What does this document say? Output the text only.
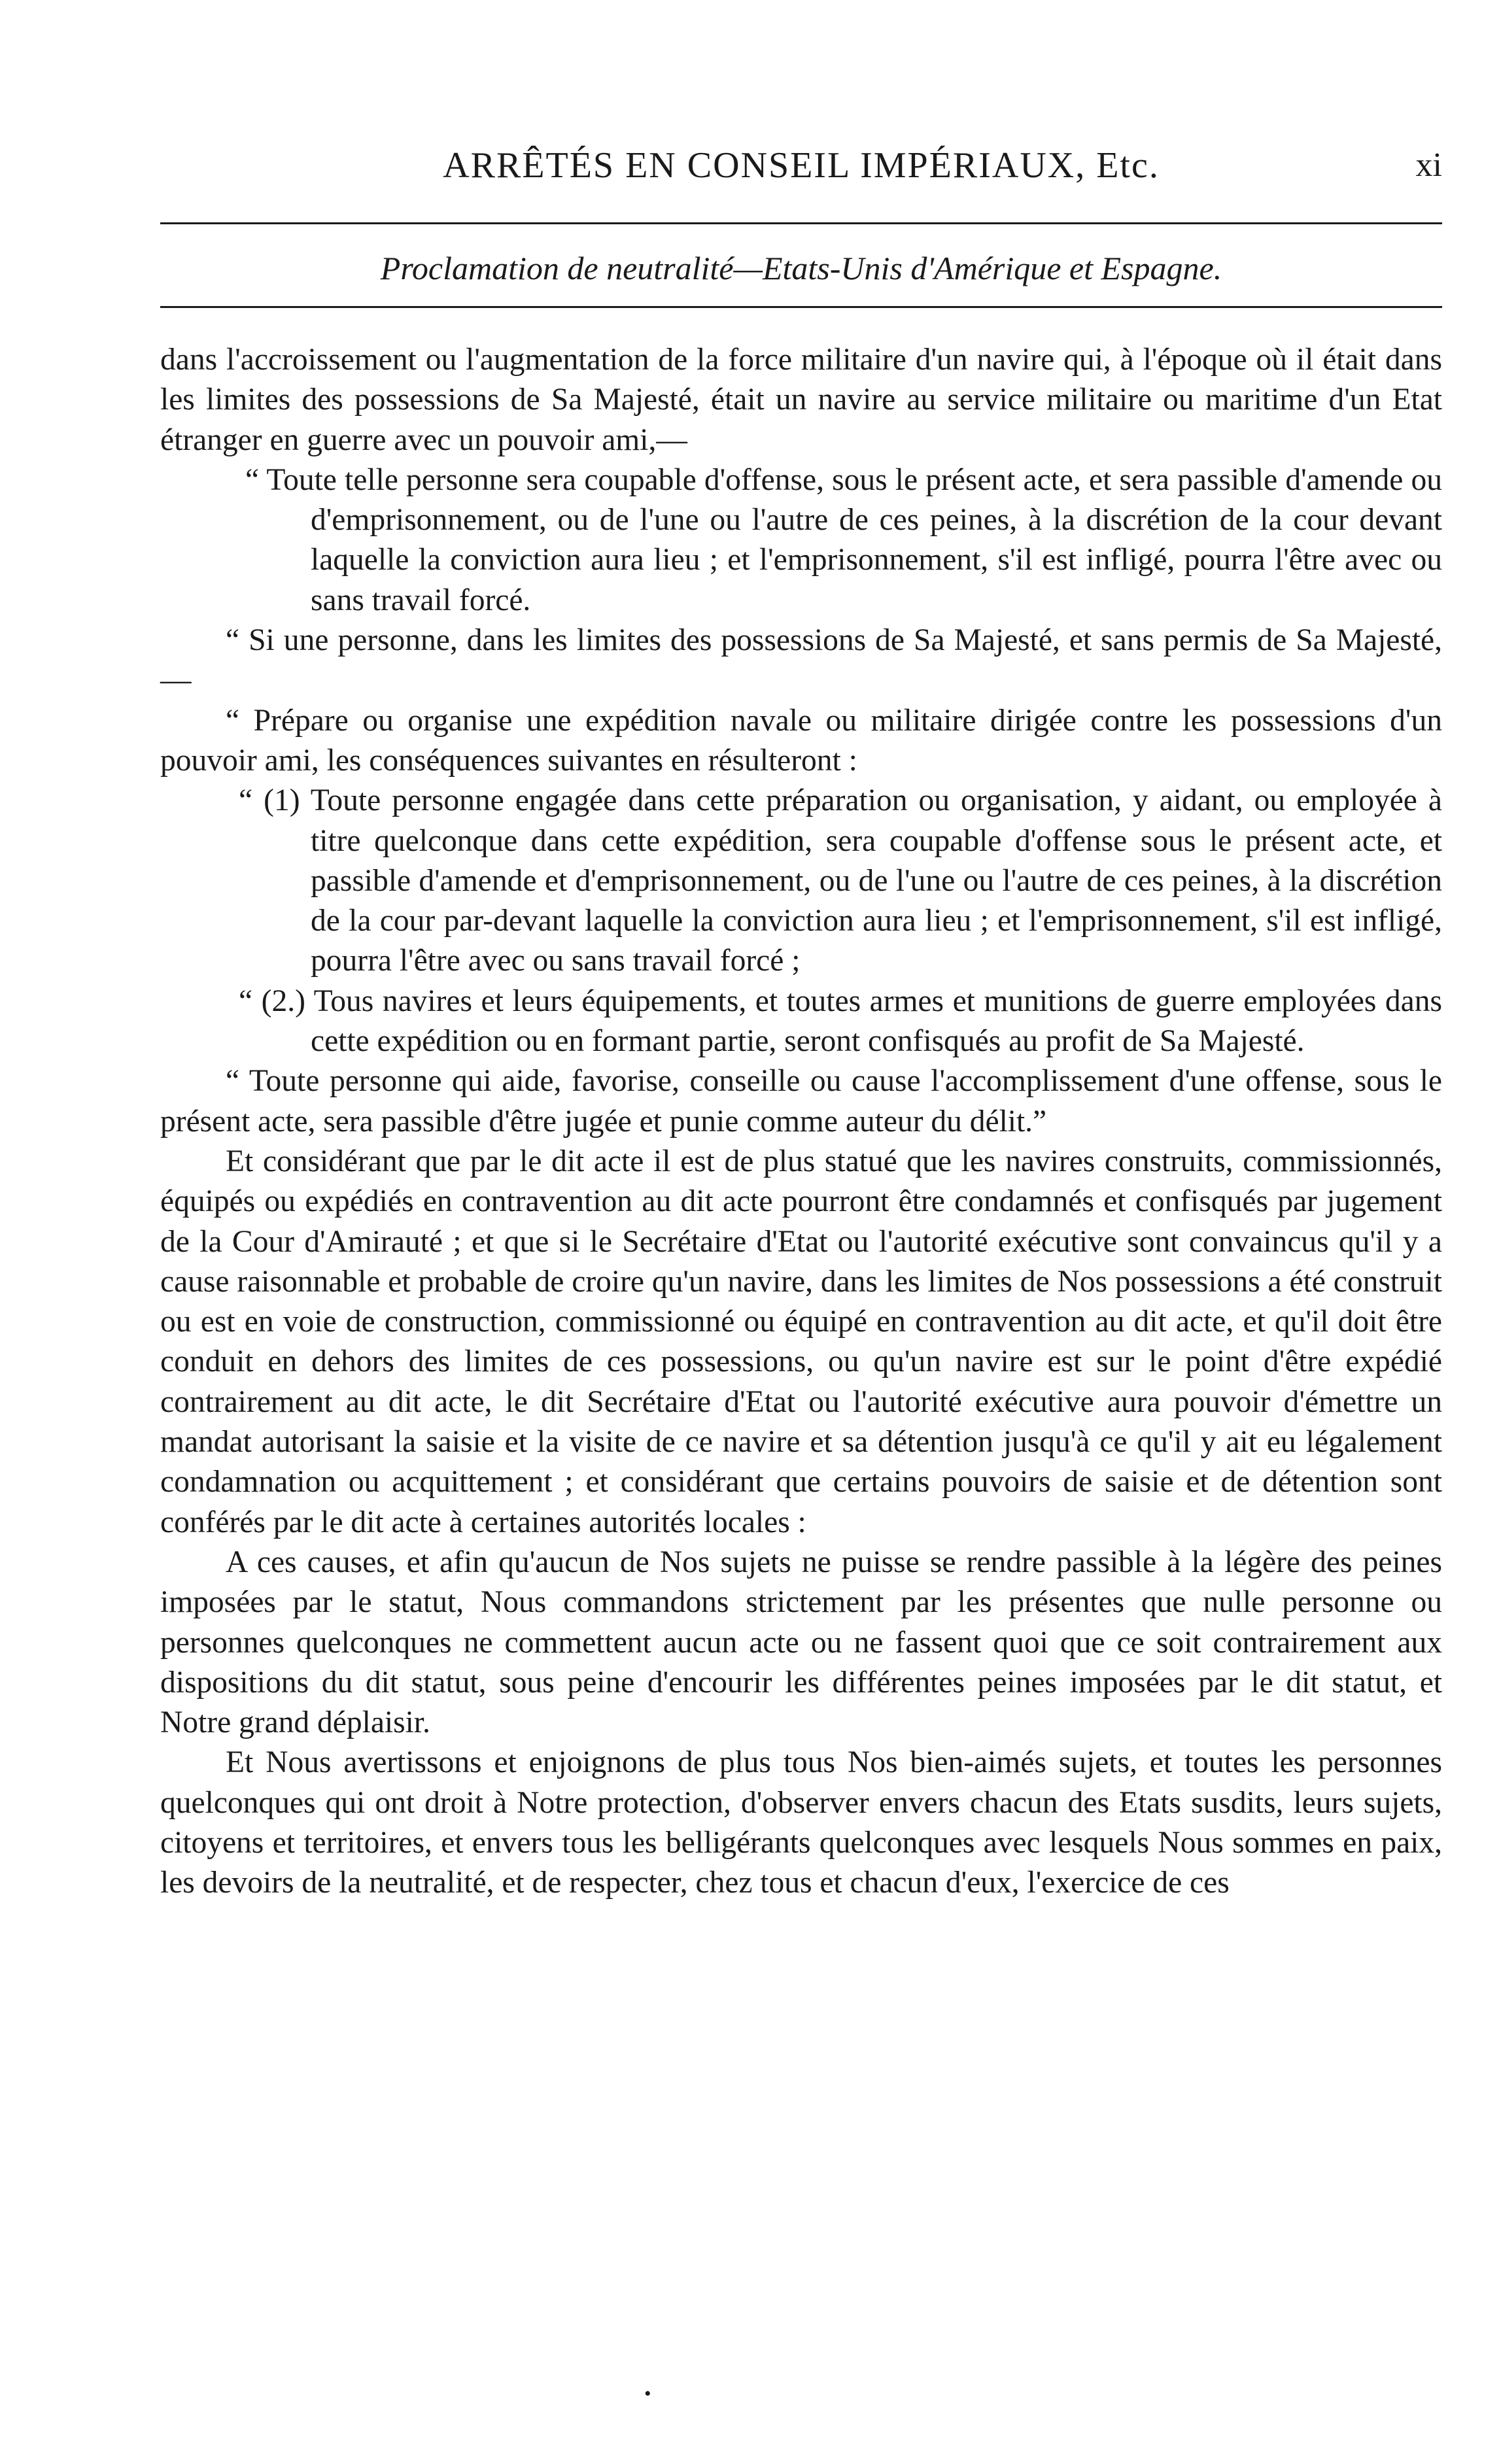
ARRÊTÉS EN CONSEIL IMPÉRIAUX, Etc.	xi
Proclamation de neutralité—Etats-Unis d'Amérique et Espagne.

dans l'accroissement ou l'augmentation de la force militaire d'un navire qui, à l'époque où il était dans les limites des possessions de Sa Majesté, était un navire au service militaire ou maritime d'un Etat étranger en guerre avec un pouvoir ami,—

“ Toute telle personne sera coupable d'offense, sous le présent acte, et sera passible d'amende ou d'emprisonnement, ou de l'une ou l'autre de ces peines, à la discrétion de la cour devant laquelle la conviction aura lieu ; et l'emprisonnement, s'il est infligé, pourra l'être avec ou sans travail forcé.

“ Si une personne, dans les limites des possessions de Sa Majesté, et sans permis de Sa Majesté,—

“ Prépare ou organise une expédition navale ou militaire dirigée contre les possessions d'un pouvoir ami, les conséquences suivantes en résulteront :

“ (1) Toute personne engagée dans cette préparation ou organisation, y aidant, ou employée à titre quelconque dans cette expédition, sera coupable d'offense sous le présent acte, et passible d'amende et d'emprisonnement, ou de l'une ou l'autre de ces peines, à la discrétion de la cour par-devant laquelle la conviction aura lieu ; et l'emprisonnement, s'il est infligé, pourra l'être avec ou sans travail forcé ;

“ (2.) Tous navires et leurs équipements, et toutes armes et munitions de guerre employées dans cette expédition ou en formant partie, seront confisqués au profit de Sa Majesté.

“ Toute personne qui aide, favorise, conseille ou cause l'accomplissement d'une offense, sous le présent acte, sera passible d'être jugée et punie comme auteur du délit.”

Et considérant que par le dit acte il est de plus statué que les navires construits, commissionnés, équipés ou expédiés en contravention au dit acte pourront être condamnés et confisqués par jugement de la Cour d'Amirauté ; et que si le Secrétaire d'Etat ou l'autorité exécutive sont convaincus qu'il y a cause raisonnable et probable de croire qu'un navire, dans les limites de Nos possessions a été construit ou est en voie de construction, commissionné ou équipé en contravention au dit acte, et qu'il doit être conduit en dehors des limites de ces possessions, ou qu'un navire est sur le point d'être expédié contrairement au dit acte, le dit Secrétaire d'Etat ou l'autorité exécutive aura pouvoir d'émettre un mandat autorisant la saisie et la visite de ce navire et sa détention jusqu'à ce qu'il y ait eu légalement condamnation ou acquittement ; et considérant que certains pouvoirs de saisie et de détention sont conférés par le dit acte à certaines autorités locales :

A ces causes, et afin qu'aucun de Nos sujets ne puisse se rendre passible à la légère des peines imposées par le statut, Nous commandons strictement par les présentes que nulle personne ou personnes quelconques ne commettent aucun acte ou ne fassent quoi que ce soit contrairement aux dispositions du dit statut, sous peine d'encourir les différentes peines imposées par le dit statut, et Notre grand déplaisir.

Et Nous avertissons et enjoignons de plus tous Nos bien-aimés sujets, et toutes les personnes quelconques qui ont droit à Notre protection, d'observer envers chacun des Etats susdits, leurs sujets, citoyens et territoires, et envers tous les belligérants quelconques avec lesquels Nous sommes en paix, les devoirs de la neutralité, et de respecter, chez tous et chacun d'eux, l'exercice de ces

•
